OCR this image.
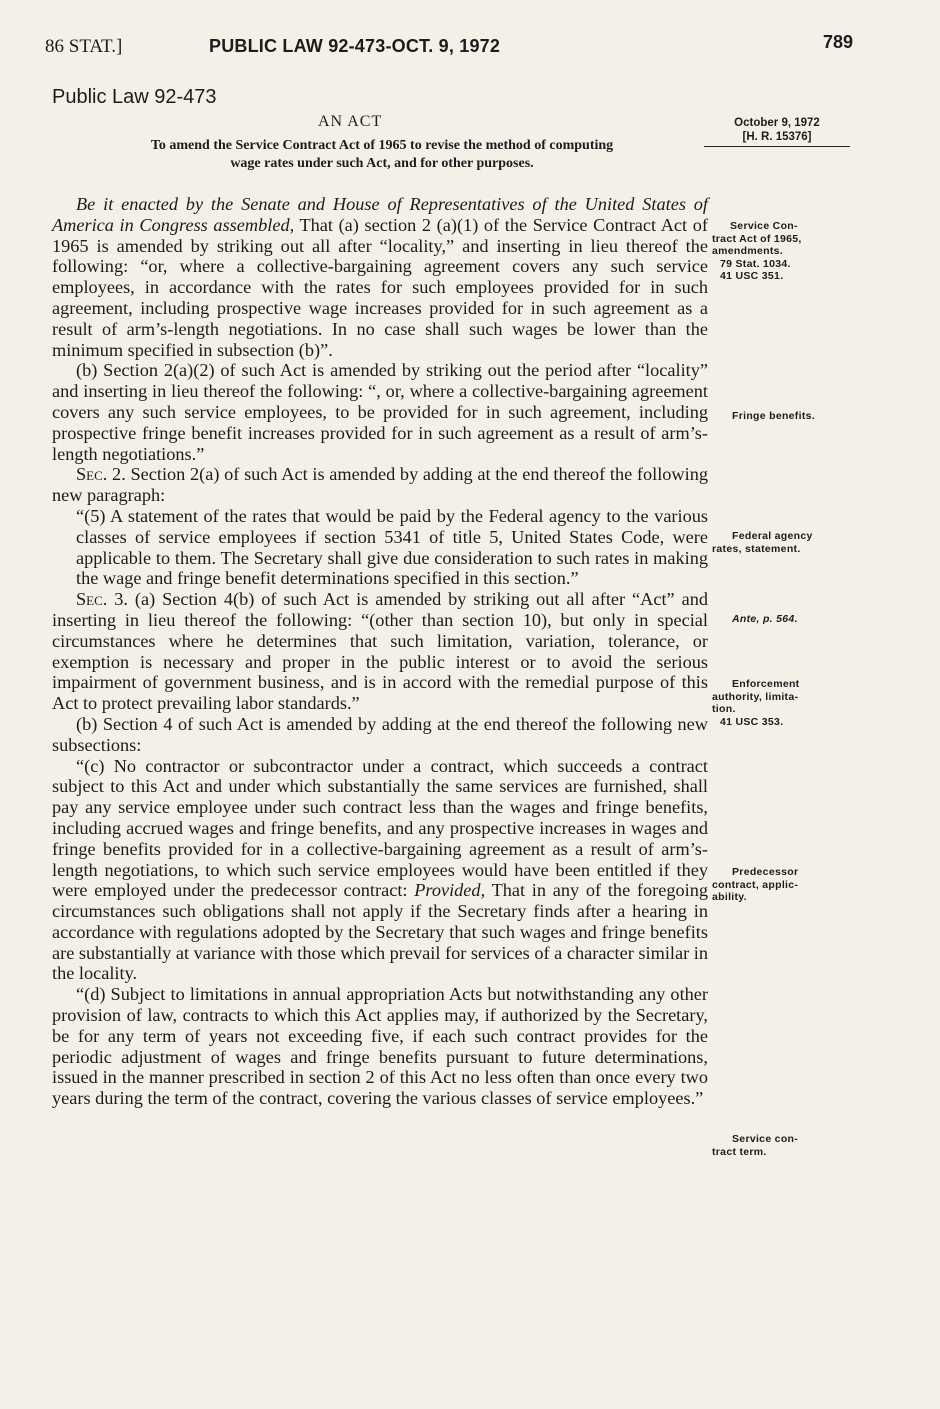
86 STAT.]	PUBLIC LAW 92-473-OCT. 9, 1972	789
Public Law 92-473
AN ACT
To amend the Service Contract Act of 1965 to revise the method of computing
wage rates under such Act, and for other purposes.
October 9, 1972
[H. R. 15376]

Be it enacted by the Senate and House of Representatives of the United States of America in Congress assembled, That (a) section 2 (a)(1) of the Service Contract Act of 1965 is amended by striking out all after “locality,” and inserting in lieu thereof the following: “or, where a collective-bargaining agreement covers any such service employees, in accordance with the rates for such employees provided for in such agreement, including prospective wage increases provided for in such agreement as a result of arm’s-length negotiations. In no case shall such wages be lower than the minimum specified in subsection (b)”.

(b) Section 2(a)(2) of such Act is amended by striking out the period after “locality” and inserting in lieu thereof the following: “, or, where a collective-bargaining agreement covers any such service employees, to be provided for in such agreement, including prospective fringe benefit increases provided for in such agreement as a result of arm’s-length negotiations.”

Sec. 2. Section 2(a) of such Act is amended by adding at the end thereof the following new paragraph:

“(5) A statement of the rates that would be paid by the Federal agency to the various classes of service employees if section 5341 of title 5, United States Code, were applicable to them. The Secretary shall give due consideration to such rates in making the wage and fringe benefit determinations specified in this section.”

Sec. 3. (a) Section 4(b) of such Act is amended by striking out all after “Act” and inserting in lieu thereof the following: “(other than section 10), but only in special circumstances where he determines that such limitation, variation, tolerance, or exemption is necessary and proper in the public interest or to avoid the serious impairment of government business, and is in accord with the remedial purpose of this Act to protect prevailing labor standards.”

(b) Section 4 of such Act is amended by adding at the end thereof the following new subsections:

“(c) No contractor or subcontractor under a contract, which succeeds a contract subject to this Act and under which substantially the same services are furnished, shall pay any service employee under such contract less than the wages and fringe benefits, including accrued wages and fringe benefits, and any prospective increases in wages and fringe benefits provided for in a collective-bargaining agreement as a result of arm’s-length negotiations, to which such service employees would have been entitled if they were employed under the predecessor contract: Provided, That in any of the foregoing circumstances such obligations shall not apply if the Secretary finds after a hearing in accordance with regulations adopted by the Secretary that such wages and fringe benefits are substantially at variance with those which prevail for services of a character similar in the locality.

“(d) Subject to limitations in annual appropriation Acts but notwithstanding any other provision of law, contracts to which this Act applies may, if authorized by the Secretary, be for any term of years not exceeding five, if each such contract provides for the periodic adjustment of wages and fringe benefits pursuant to future determinations, issued in the manner prescribed in section 2 of this Act no less often than once every two years during the term of the contract, covering the various classes of service employees.”

Service Con-
tract Act of 1965,
amendments.
79 Stat. 1034.
41 USC 351.
Fringe benefits.
Federal agency
rates, statement.
Ante, p. 564.
Enforcement
authority, limita-
tion.
41 USC 353.
Predecessor
contract, applic-
ability.
Service con-
tract term.
